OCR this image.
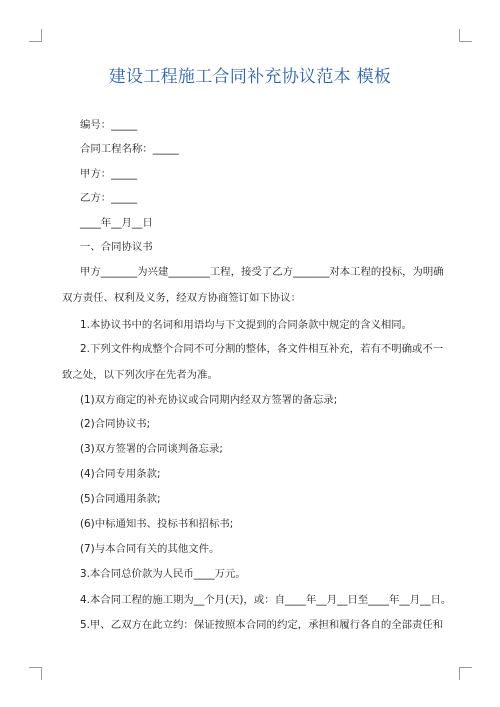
建设工程施工合同补充协议范本 模板
编号：_____
合同工程名称：_____
甲方：_____
乙方：_____
____年__月__日
一、合同协议书
甲方_______为兴建________工程，接受了乙方_______对本工程的投标，为明确
双方责任、权利及义务，经双方协商签订如下协议：
1.本协议书中的名词和用语均与下文提到的合同条款中规定的含义相同。
2.下列文件构成整个合同不可分割的整体，各文件相互补充，若有不明确或不一
致之处，以下列次序在先者为准。
(1)双方商定的补充协议或合同期内经双方签署的备忘录;
(2)合同协议书;
(3)双方签署的合同谈判备忘录;
(4)合同专用条款;
(5)合同通用条款;
(6)中标通知书、投标书和招标书;
(7)与本合同有关的其他文件。
3.本合同总价款为人民币____万元。
4.本合同工程的施工期为__个月(天)，或：自____年__月__日至____年__月__日。
5.甲、乙双方在此立约：保证按照本合同的约定，承担和履行各自的全部责任和
